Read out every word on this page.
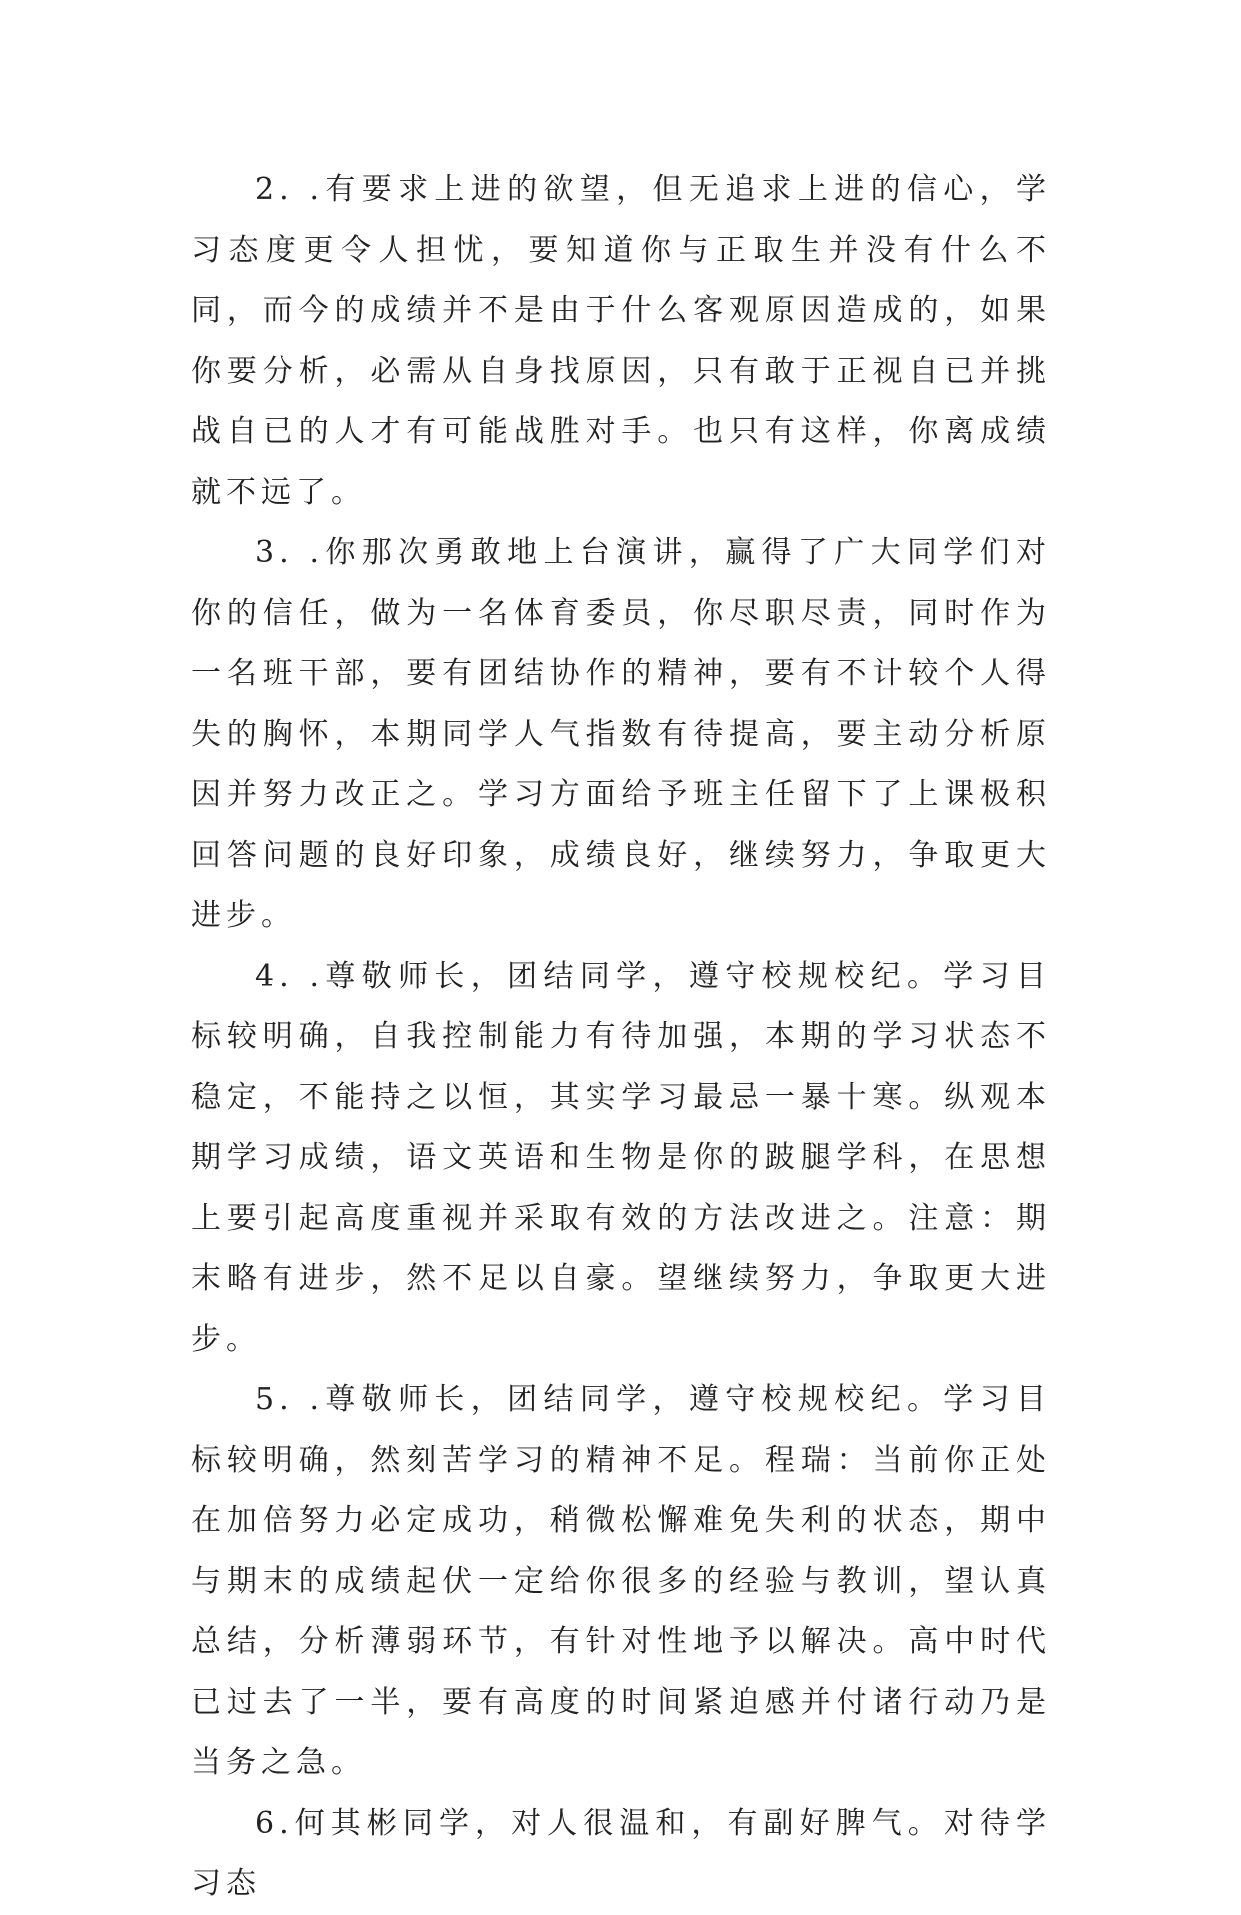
2. .有要求上进的欲望，但无追求上进的信心，学习态度更令人担忧，要知道你与正取生并没有什么不同，而今的成绩并不是由于什么客观原因造成的，如果你要分析，必需从自身找原因，只有敢于正视自已并挑战自已的人才有可能战胜对手。也只有这样，你离成绩就不远了。

3. .你那次勇敢地上台演讲，赢得了广大同学们对你的信任，做为一名体育委员，你尽职尽责，同时作为一名班干部，要有团结协作的精神，要有不计较个人得失的胸怀，本期同学人气指数有待提高，要主动分析原因并努力改正之。学习方面给予班主任留下了上课极积回答问题的良好印象，成绩良好，继续努力，争取更大进步。

4. .尊敬师长，团结同学，遵守校规校纪。学习目标较明确，自我控制能力有待加强，本期的学习状态不稳定，不能持之以恒，其实学习最忌一暴十寒。纵观本期学习成绩，语文英语和生物是你的跛腿学科，在思想上要引起高度重视并采取有效的方法改进之。注意：期末略有进步，然不足以自豪。望继续努力，争取更大进步。

5. .尊敬师长，团结同学，遵守校规校纪。学习目标较明确，然刻苦学习的精神不足。程瑞：当前你正处在加倍努力必定成功，稍微松懈难免失利的状态，期中与期末的成绩起伏一定给你很多的经验与教训，望认真总结，分析薄弱环节，有针对性地予以解决。高中时代已过去了一半，要有高度的时间紧迫感并付诸行动乃是当务之急。

6.何其彬同学，对人很温和，有副好脾气。对待学习态
